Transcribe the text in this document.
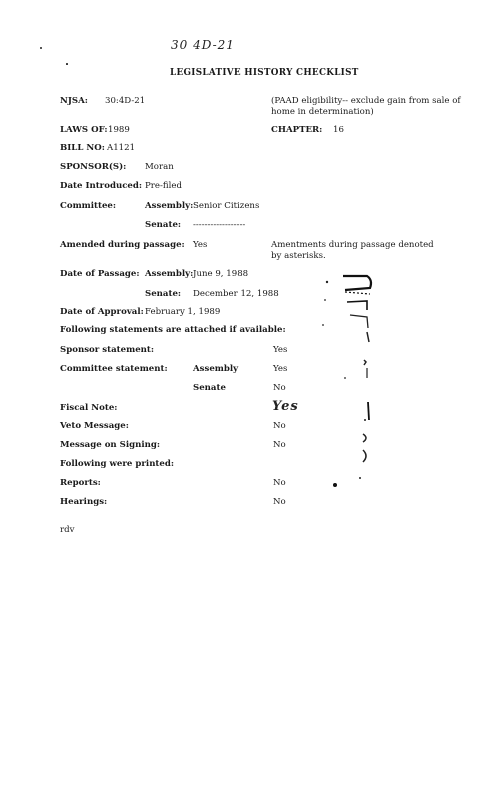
30 4D-21
LEGISLATIVE HISTORY CHECKLIST
NJSA: 30:4D-21	(PAAD eligibility-- exclude gain from sale of home in determination)
LAWS OF: 1989	CHAPTER: 16
BILL NO: A1121
SPONSOR(S): Moran
Date Introduced: Pre-filed
Committee:	Assembly: Senior Citizens
Senate: ------------------
Amended during passage: Yes	Amentments during passage denoted by asterisks.
Date of Passage: Assembly: June 9, 1988
Senate: December 12, 1988
Date of Approval: February 1, 1989
Following statements are attached if available:
Sponsor statement:	Yes
Committee statement:	Assembly	Yes
Senate	No
Fiscal Note:	Yes
Veto Message:	No
Message on Signing:	No
Following were printed:
Reports:	No
Hearings:	No
rdv
